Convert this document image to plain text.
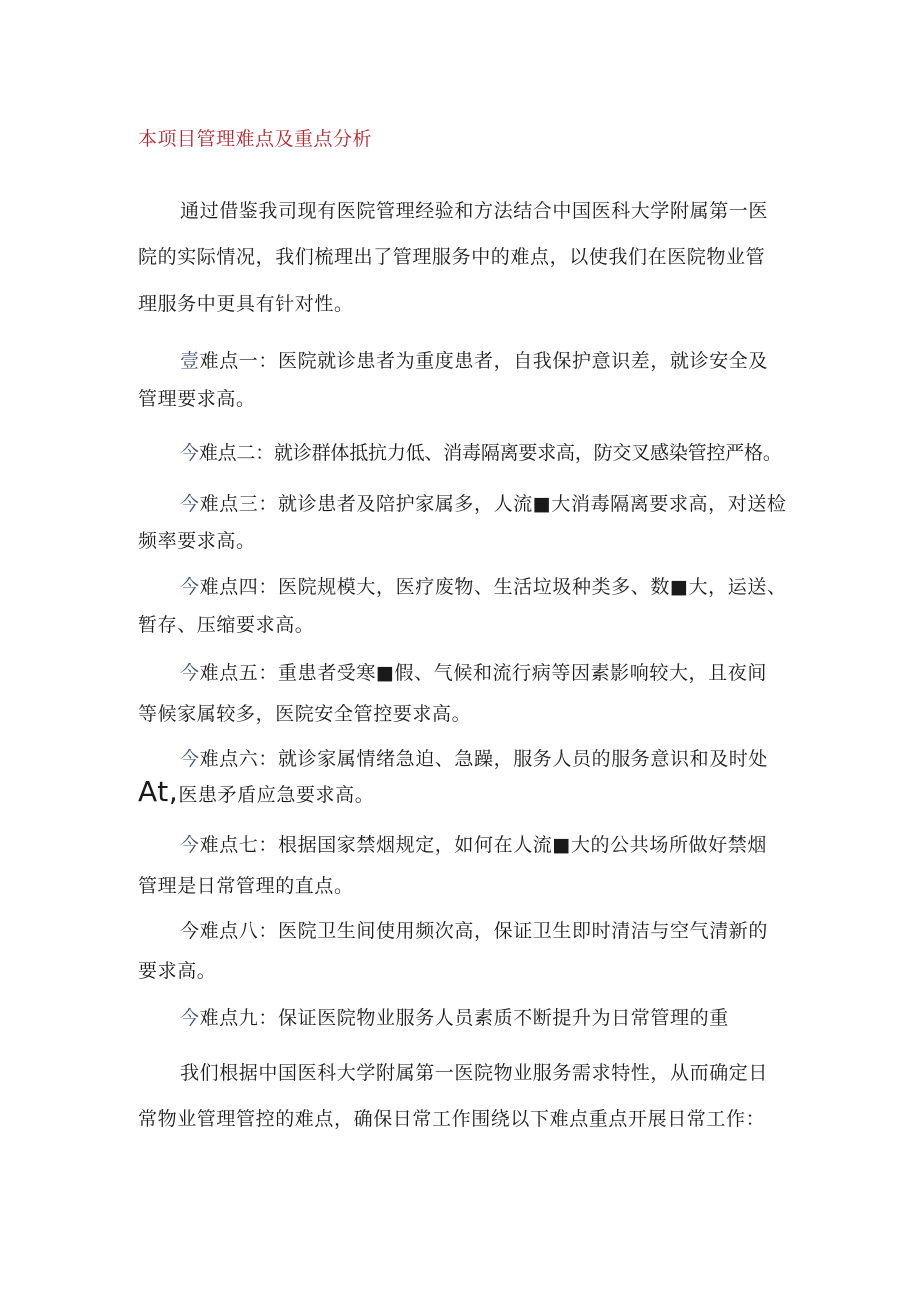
本项目管理难点及重点分析
通过借鉴我司现有医院管理经验和方法结合中国医科大学附属第一医
院的实际情况，我们梳理出了管理服务中的难点，以使我们在医院物业管
理服务中更具有针对性。
壹难点一：医院就诊患者为重度患者，自我保护意识差，就诊安全及
管理要求高。
今难点二：就诊群体抵抗力低、消毒隔离要求高，防交叉感染管控严格。
今难点三：就诊患者及陪护家属多，人流■大消毒隔离要求高，对送检
频率要求高。
今难点四：医院规模大，医疗废物、生活垃圾种类多、数■大，运送、
暂存、压缩要求高。
今难点五：重患者受寒■假、气候和流行病等因素影响较大，且夜间
等候家属较多，医院安全管控要求高。
今难点六：就诊家属情绪急迫、急躁，服务人员的服务意识和及时处
At,医患矛盾应急要求高。
今难点七：根据国家禁烟规定，如何在人流■大的公共场所做好禁烟
管理是日常管理的直点。
今难点八：医院卫生间使用频次高，保证卫生即时清洁与空气清新的
要求高。
今难点九：保证医院物业服务人员素质不断提升为日常管理的重
我们根据中国医科大学附属第一医院物业服务需求特性，从而确定日
常物业管理管控的难点，确保日常工作围绕以下难点重点开展日常工作：
